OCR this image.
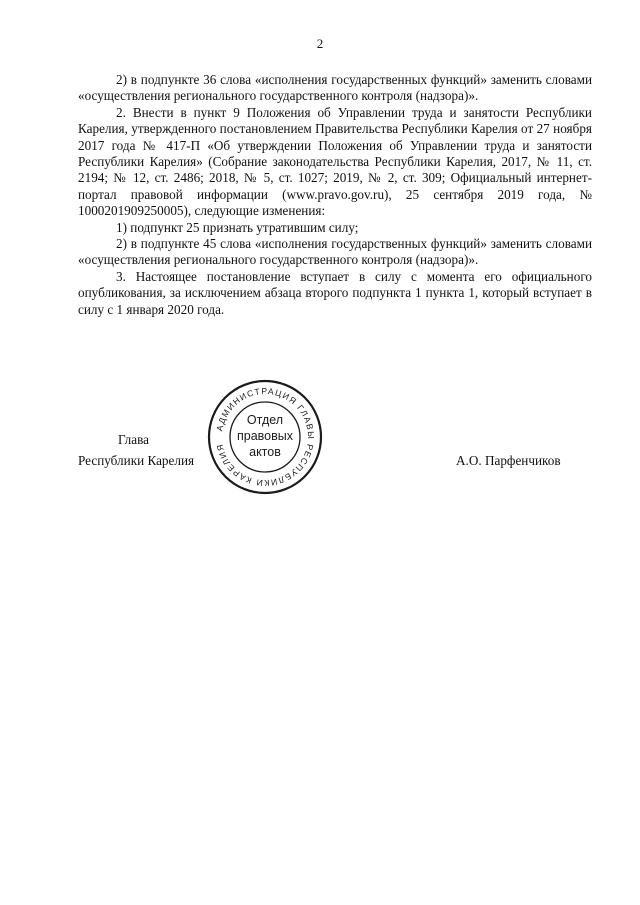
2

2) в подпункте 36 слова «исполнения государственных функций» заменить словами «осуществления регионального государственного контроля (надзора)».

2. Внести в пункт 9 Положения об Управлении труда и занятости Республики Карелия, утвержденного постановлением Правительства Республики Карелия от 27 ноября 2017 года № 417-П «Об утверждении Положения об Управлении труда и занятости Республики Карелия» (Собрание законодательства Республики Карелия, 2017, № 11, ст. 2194; № 12, ст. 2486; 2018, № 5, ст. 1027; 2019, № 2, ст. 309; Официальный интернет-портал правовой информации (www.pravo.gov.ru), 25 сентября 2019 года, № 1000201909250005), следующие изменения:

1) подпункт 25 признать утратившим силу;

2) в подпункте 45 слова «исполнения государственных функций» заменить словами «осуществления регионального государственного контроля (надзора)».

3. Настоящее постановление вступает в силу с момента его официального опубликования, за исключением абзаца второго подпункта 1 пункта 1, который вступает в силу с 1 января 2020 года.

Глава
Республики Карелия	А.О. Парфенчиков
АДМИНИСТРАЦИЯ ГЛАВЫ РЕСПУБЛИКИ КАРЕЛИЯ
Отдел
правовых
актов
